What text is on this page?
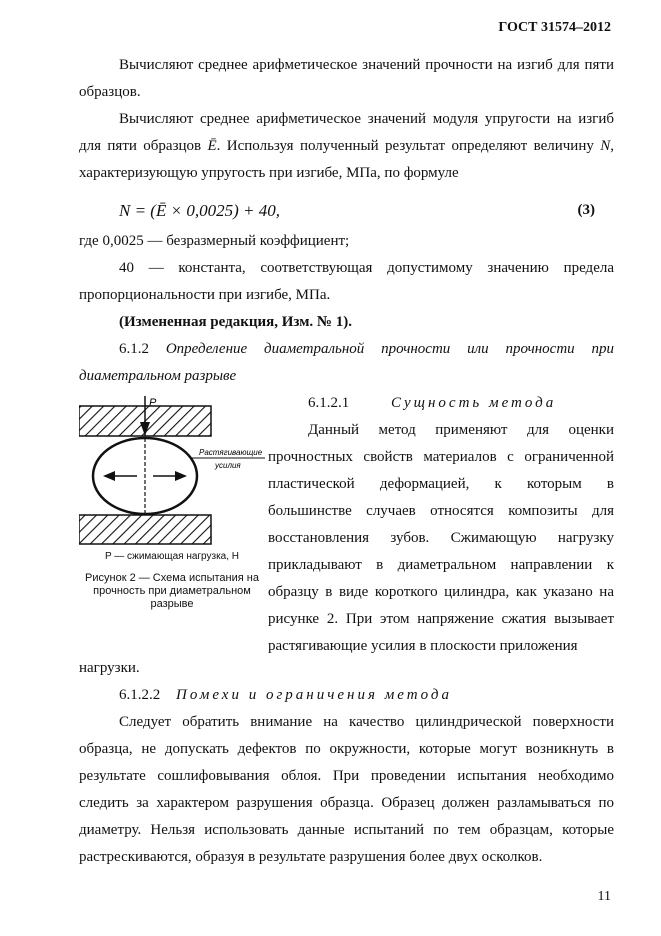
ГОСТ 31574–2012
Вычисляют среднее арифметическое значений прочности на изгиб для пяти образцов.
Вычисляют среднее арифметическое значений модуля упругости на изгиб для пяти образцов Ē. Используя полученный результат определяют величину N, характеризующую упругость при изгибе, МПа, по формуле
N = (Ē × 0,0025) + 40,	(3)
где 0,0025 — безразмерный коэффициент;
40 — константа, соответствующая допустимому значению предела пропорциональности при изгибе, МПа.
(Измененная редакция, Изм. № 1).
6.1.2 Определение диаметральной прочности или прочности при диаметральном разрыве
6.1.2.1	Сущность метода
Данный метод применяют для оценки прочностных свойств материалов с ограниченной пластической деформацией, к которым в большинстве случаев относятся композиты для восстановления зубов. Сжимающую нагрузку прикладывают в диаметральном направлении к образцу в виде короткого цилиндра, как указано на рисунке 2. При этом напряжение сжатия вызывает растягивающие усилия в плоскости приложения
P
Растягивающие
усилия
P — сжимающая нагрузка, Н
Рисунок 2 — Схема испытания на прочность при диаметральном разрыве
нагрузки.
6.1.2.2 Помехи и ограничения метода
Следует обратить внимание на качество цилиндрической поверхности образца, не допускать дефектов по окружности, которые могут возникнуть в результате сошлифовывания облоя. При проведении испытания необходимо следить за характером разрушения образца. Образец должен разламываться по диаметру. Нельзя использовать данные испытаний по тем образцам, которые растрескиваются, образуя в результате разрушения более двух осколков.
11
